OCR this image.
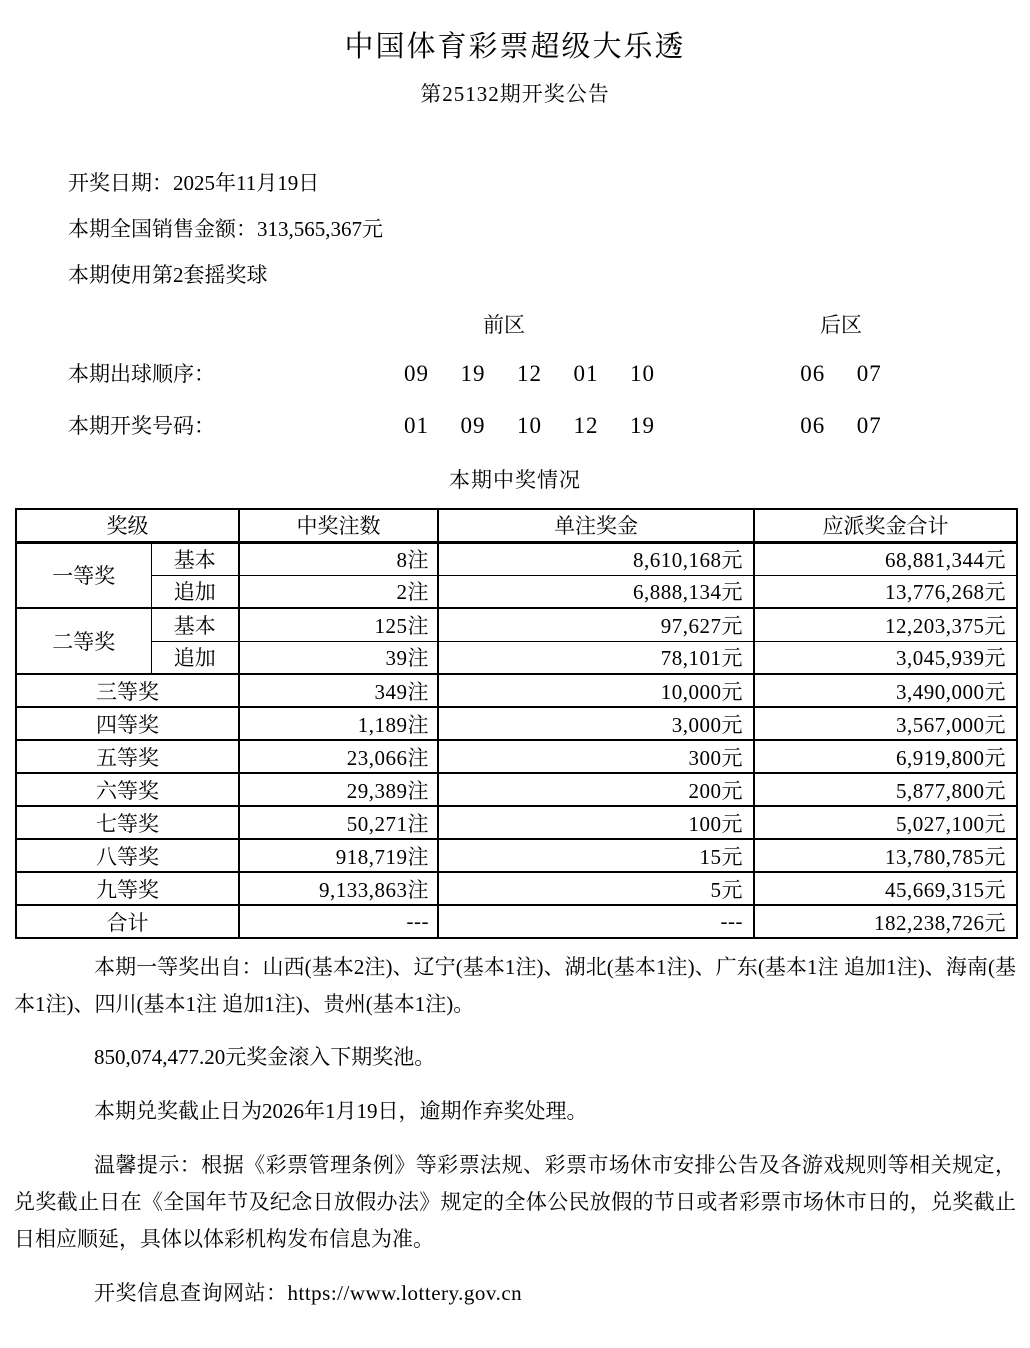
中国体育彩票超级大乐透
第25132期开奖公告

开奖日期：2025年11月19日

本期全国销售金额：313,565,367元

本期使用第2套摇奖球

前区	后区
本期出球顺序：	09  19  12  01  10	06  07
本期开奖号码：	01  09  10  12  19	06  07
本期中奖情况
奖级		中奖注数	单注奖金	应派奖金合计
一等奖	基本	8注	8,610,168元	68,881,344元
	追加	2注	6,888,134元	13,776,268元
二等奖	基本	125注	97,627元	12,203,375元
	追加	39注	78,101元	3,045,939元
三等奖		349注	10,000元	3,490,000元
四等奖		1,189注	3,000元	3,567,000元
五等奖		23,066注	300元	6,919,800元
六等奖		29,389注	200元	5,877,800元
七等奖		50,271注	100元	5,027,100元
八等奖		918,719注	15元	13,780,785元
九等奖		9,133,863注	5元	45,669,315元
合计		---	---	182,238,726元

本期一等奖出自：山西(基本2注)、辽宁(基本1注)、湖北(基本1注)、广东(基本1注 追加1注)、海南(基本1注)、四川(基本1注 追加1注)、贵州(基本1注)。

850,074,477.20元奖金滚入下期奖池。

本期兑奖截止日为2026年1月19日，逾期作弃奖处理。

温馨提示：根据《彩票管理条例》等彩票法规、彩票市场休市安排公告及各游戏规则等相关规定，兑奖截止日在《全国年节及纪念日放假办法》规定的全体公民放假的节日或者彩票市场休市日的，兑奖截止日相应顺延，具体以体彩机构发布信息为准。

开奖信息查询网站：https://www.lottery.gov.cn
